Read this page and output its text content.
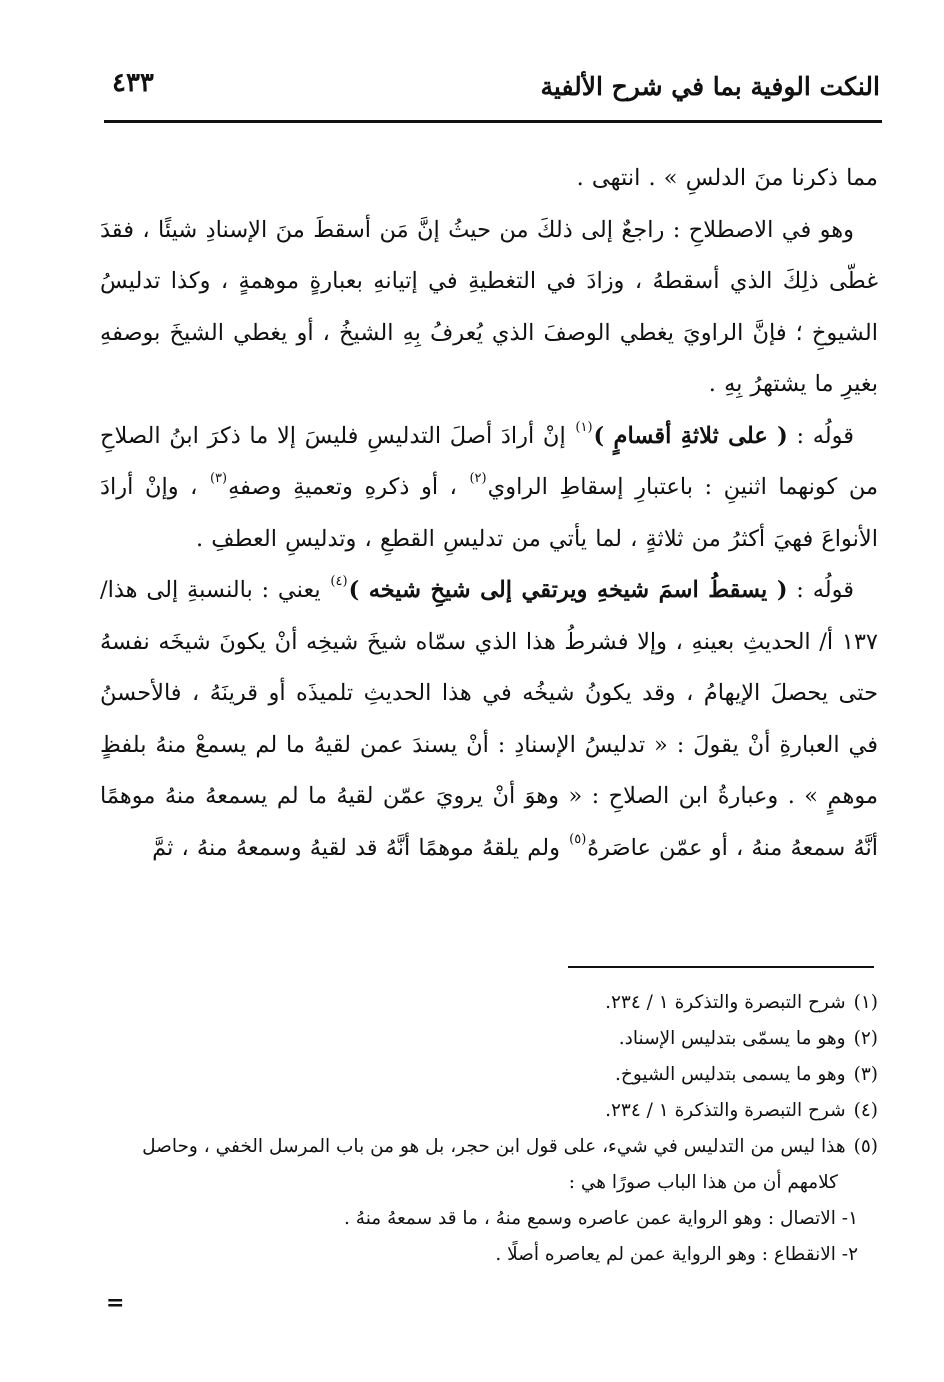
النكت الوفية بما في شرح الألفية
٤٣٣

مما ذكرنا منَ الدلسِ » . انتهى .

وهو في الاصطلاحِ : راجعٌ إلى ذلكَ من حيثُ إنَّ مَن أسقطَ منَ الإسنادِ شيئًا ، فقدَ غطّى ذلِكَ الذي أسقطهُ ، وزادَ في التغطيةِ في إتيانهِ بعبارةٍ موهمةٍ ، وكذا تدليسُ الشيوخِ ؛ فإنَّ الراويَ يغطي الوصفَ الذي يُعرفُ بِهِ الشيخُ ، أو يغطي الشيخَ بوصفهِ بغيرِ ما يشتهرُ بِهِ .

قولُه : ( على ثلاثةِ أقسامٍ )$^{(١)}$ إنْ أرادَ أصلَ التدليسِ فليسَ إلا ما ذكرَ ابنُ الصلاحِ من كونهما اثنينِ : باعتبارِ إسقاطِ الراوي$^{(٢)}$ ، أو ذكرهِ وتعميةِ وصفهِ$^{(٣)}$ ، وإنْ أرادَ الأنواعَ فهيَ أكثرُ من ثلاثةٍ ، لما يأتي من تدليسِ القطعِ ، وتدليسِ العطفِ .

قولُه : ( يسقطُ اسمَ شيخهِ ويرتقي إلى شيخِ شيخه )$^{(٤)}$ يعني : بالنسبةِ إلى هذا/١٣٧ أ/ الحديثِ بعينهِ ، وإلا فشرطُ هذا الذي سمّاه شيخَ شيخِه أنْ يكونَ شيخَه نفسهُ حتى يحصلَ الإيهامُ ، وقد يكونُ شيخُه في هذا الحديثِ تلميذَه أو قرينَهُ ، فالأحسنُ في العبارةِ أنْ يقولَ : « تدليسُ الإسنادِ : أنْ يسندَ عمن لقيهُ ما لم يسمعْ منهُ بلفظٍ موهمٍ » . وعبارةُ ابن الصلاحِ : « وهوَ أنْ يرويَ عمّن لقيهُ ما لم يسمعهُ منهُ موهمًا أنَّهُ سمعهُ منهُ ، أو عمّن عاصَرهُ$^{(٥)}$ ولم يلقهُ موهمًا أنَّهُ قد لقيهُ وسمعهُ منهُ ، ثمَّ

(١)شرح التبصرة والتذكرة ١ / ٢٣٤.

(٢)وهو ما يسمّى بتدليس الإسناد.

(٣)وهو ما يسمى بتدليس الشيوخ.

(٤)شرح التبصرة والتذكرة ١ / ٢٣٤.

(٥)هذا ليس من التدليس في شيء، على قول ابن حجر، بل هو من باب المرسل الخفي ، وحاصل

كلامهم أن من هذا الباب صورًا هي :

١- الاتصال : وهو الرواية عمن عاصره وسمع منهُ ، ما قد سمعهُ منهُ .

٢- الانقطاع : وهو الرواية عمن لم يعاصره أصلًا .

=
